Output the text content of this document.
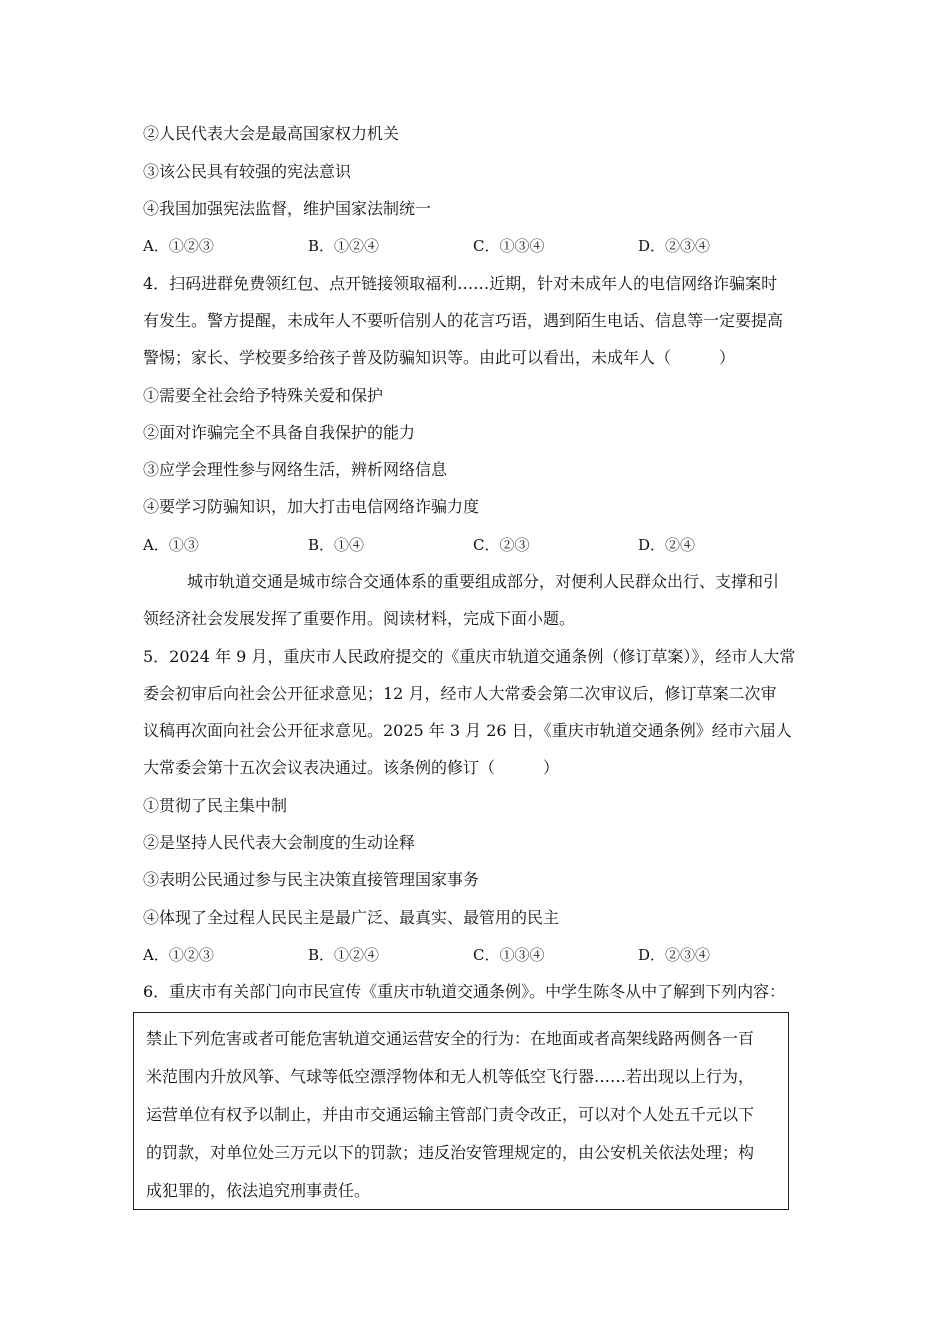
②人民代表大会是最高国家权力机关
③该公民具有较强的宪法意识
④我国加强宪法监督，维护国家法制统一
A．①②③	B．①②④	C．①③④	D．②③④
4．扫码进群免费领红包、点开链接领取福利……近期，针对未成年人的电信网络诈骗案时
有发生。警方提醒，未成年人不要听信别人的花言巧语，遇到陌生电话、信息等一定要提高
警惕；家长、学校要多给孩子普及防骗知识等。由此可以看出，未成年人（　　　）
①需要全社会给予特殊关爱和保护
②面对诈骗完全不具备自我保护的能力
③应学会理性参与网络生活，辨析网络信息
④要学习防骗知识，加大打击电信网络诈骗力度
A．①③	B．①④	C．②③	D．②④
城市轨道交通是城市综合交通体系的重要组成部分，对便利人民群众出行、支撑和引
领经济社会发展发挥了重要作用。阅读材料，完成下面小题。
5．2024 年 9 月，重庆市人民政府提交的《重庆市轨道交通条例（修订草案）》，经市人大常
委会初审后向社会公开征求意见；12 月，经市人大常委会第二次审议后，修订草案二次审
议稿再次面向社会公开征求意见。2025 年 3 月 26 日，《重庆市轨道交通条例》经市六届人
大常委会第十五次会议表决通过。该条例的修订（　　　）
①贯彻了民主集中制
②是坚持人民代表大会制度的生动诠释
③表明公民通过参与民主决策直接管理国家事务
④体现了全过程人民民主是最广泛、最真实、最管用的民主
A．①②③	B．①②④	C．①③④	D．②③④
6．重庆市有关部门向市民宣传《重庆市轨道交通条例》。中学生陈冬从中了解到下列内容：
禁止下列危害或者可能危害轨道交通运营安全的行为：在地面或者高架线路两侧各一百
米范围内升放风筝、气球等低空漂浮物体和无人机等低空飞行器……若出现以上行为，
运营单位有权予以制止，并由市交通运输主管部门责令改正，可以对个人处五千元以下
的罚款，对单位处三万元以下的罚款；违反治安管理规定的，由公安机关依法处理；构
成犯罪的，依法追究刑事责任。
